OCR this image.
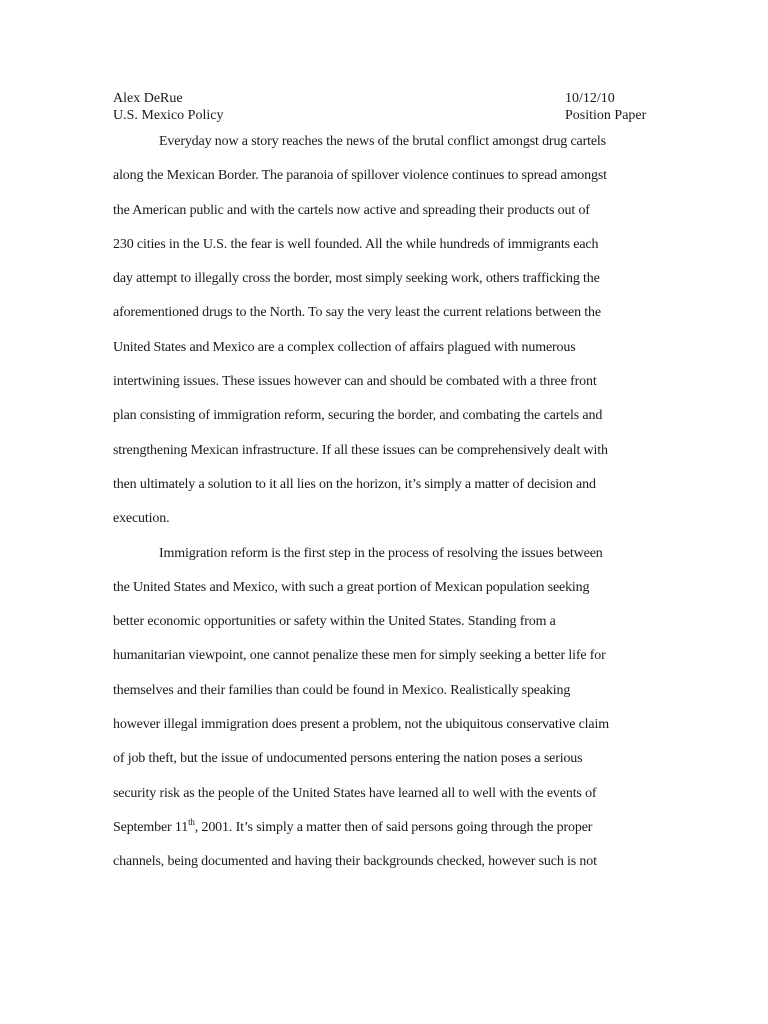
Alex DeRue	10/12/10
U.S. Mexico Policy	Position Paper
Everyday now a story reaches the news of the brutal conflict amongst drug cartels
along the Mexican Border. The paranoia of spillover violence continues to spread amongst
the American public and with the cartels now active and spreading their products out of
230 cities in the U.S. the fear is well founded. All the while hundreds of immigrants each
day attempt to illegally cross the border, most simply seeking work, others trafficking the
aforementioned drugs to the North. To say the very least the current relations between the
United States and Mexico are a complex collection of affairs plagued with numerous
intertwining issues. These issues however can and should be combated with a three front
plan consisting of immigration reform, securing the border, and combating the cartels and
strengthening Mexican infrastructure. If all these issues can be comprehensively dealt with
then ultimately a solution to it all lies on the horizon, it’s simply a matter of decision and
execution.
Immigration reform is the first step in the process of resolving the issues between
the United States and Mexico, with such a great portion of Mexican population seeking
better economic opportunities or safety within the United States. Standing from a
humanitarian viewpoint, one cannot penalize these men for simply seeking a better life for
themselves and their families than could be found in Mexico. Realistically speaking
however illegal immigration does present a problem, not the ubiquitous conservative claim
of job theft, but the issue of undocumented persons entering the nation poses a serious
security risk as the people of the United States have learned all to well with the events of
September 11th, 2001. It’s simply a matter then of said persons going through the proper
channels, being documented and having their backgrounds checked, however such is not
